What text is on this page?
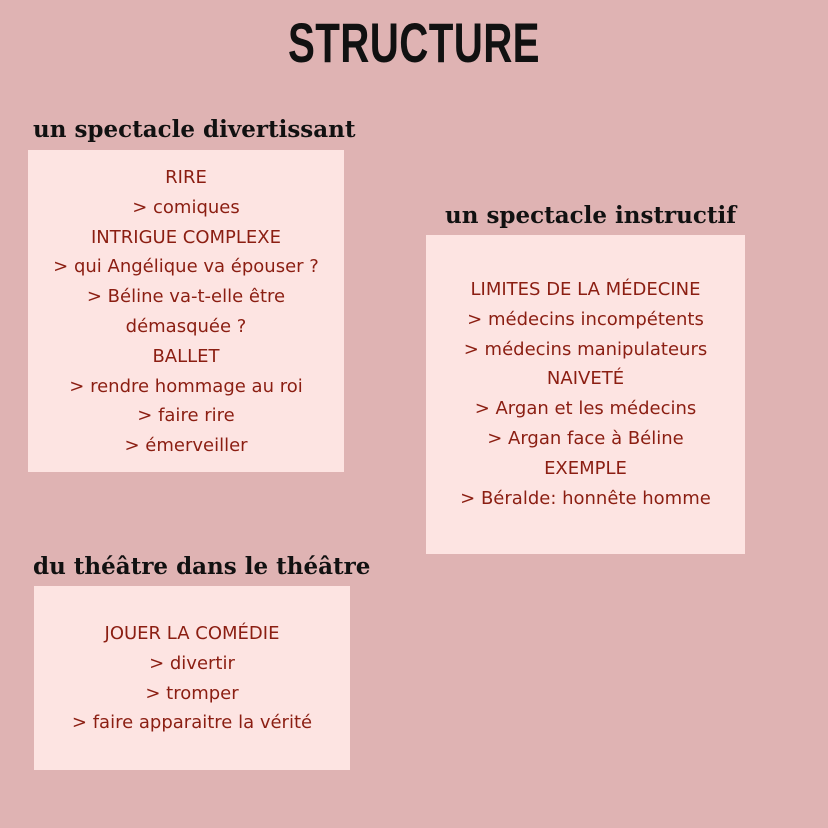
STRUCTURE
un spectacle divertissant
RIRE
> comiques
INTRIGUE COMPLEXE
> qui Angélique va épouser ?
> Béline va-t-elle être
démasquée ?
BALLET
> rendre hommage au roi
> faire rire
> émerveiller
un spectacle instructif
LIMITES DE LA MÉDECINE
> médecins incompétents
> médecins manipulateurs
NAIVETÉ
> Argan et les médecins
> Argan face à Béline
EXEMPLE
> Béralde: honnête homme
du théâtre dans le théâtre
JOUER LA COMÉDIE
> divertir
> tromper
> faire apparaitre la vérité
